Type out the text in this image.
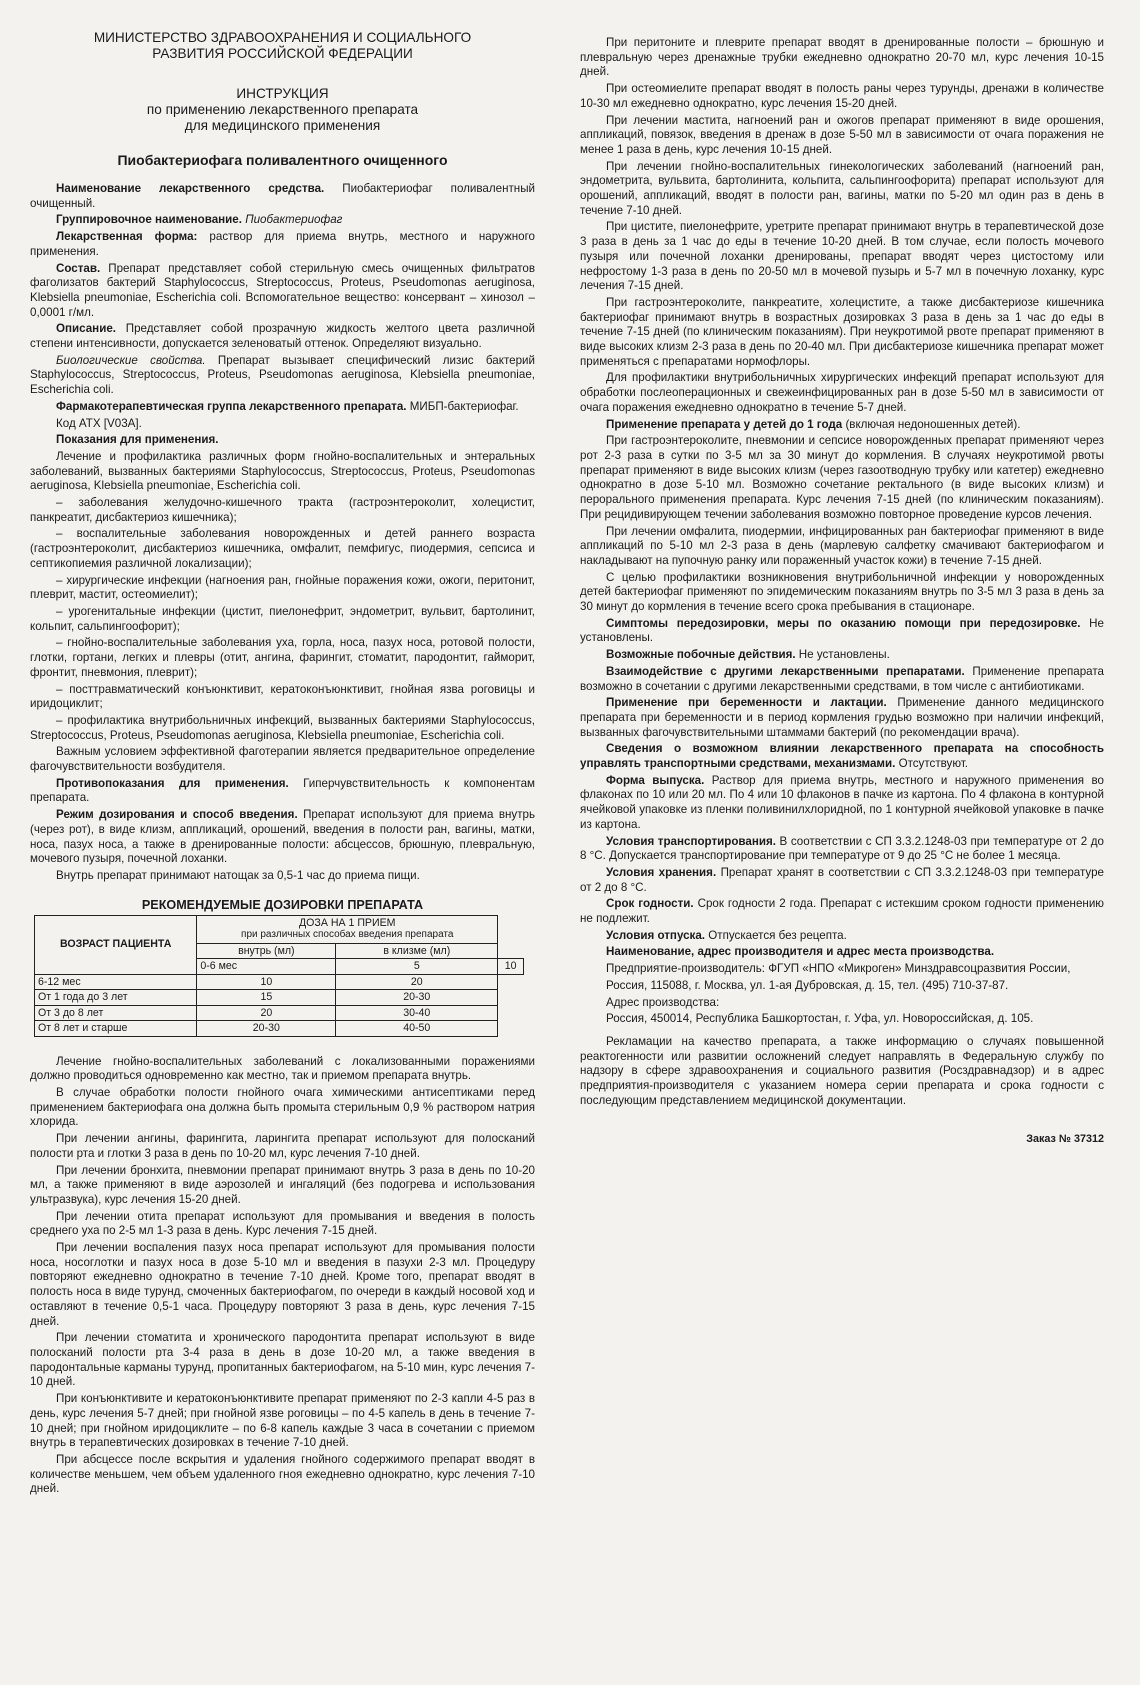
МИНИСТЕРСТВО ЗДРАВООХРАНЕНИЯ И СОЦИАЛЬНОГО

РАЗВИТИЯ РОССИЙСКОЙ ФЕДЕРАЦИИ

ИНСТРУКЦИЯ

по применению лекарственного препарата

для медицинского применения

Пиобактериофага поливалентного очищенного

Наименование лекарственного средства. Пиобактериофаг поливалентный очищенный.

Группировочное наименование. Пиобактериофаг

Лекарственная форма: раствор для приема внутрь, местного и наружного применения.

Состав. Препарат представляет собой стерильную смесь очищенных фильтратов фаголизатов бактерий Staphylococcus, Streptococcus, Proteus, Pseudomonas aeruginosa, Klebsiella pneumoniae, Escherichia coli. Вспомогательное вещество: консервант – хинозол – 0,0001 г/мл.

Описание. Представляет собой прозрачную жидкость желтого цвета различной степени интенсивности, допускается зеленоватый оттенок. Определяют визуально.

Биологические свойства. Препарат вызывает специфический лизис бактерий Staphylococcus, Streptococcus, Proteus, Pseudomonas aeruginosa, Klebsiella pneumoniae, Escherichia coli.

Фармакотерапевтическая группа лекарственного препарата. МИБП-бактериофаг.

Код АТХ [V03A].

Показания для применения.

Лечение и профилактика различных форм гнойно-воспалительных и энтеральных заболеваний, вызванных бактериями Staphylococcus, Streptococcus, Proteus, Pseudomonas aeruginosa, Klebsiella pneumoniae, Escherichia coli.

– заболевания желудочно-кишечного тракта (гастроэнтероколит, холецистит, панкреатит, дисбактериоз кишечника);

– воспалительные заболевания новорожденных и детей раннего возраста (гастроэнтероколит, дисбактериоз кишечника, омфалит, пемфигус, пиодермия, сепсиса и септикопиемия различной локализации);

– хирургические инфекции (нагноения ран, гнойные поражения кожи, ожоги, перитонит, плеврит, мастит, остеомиелит);

– урогенитальные инфекции (цистит, пиелонефрит, эндометрит, вульвит, бартолинит, кольпит, сальпингоофорит);

– гнойно-воспалительные заболевания уха, горла, носа, пазух носа, ротовой полости, глотки, гортани, легких и плевры (отит, ангина, фарингит, стоматит, пародонтит, гайморит, фронтит, пневмония, плеврит);

– посттравматический конъюнктивит, кератоконъюнктивит, гнойная язва роговицы и иридоциклит;

– профилактика внутрибольничных инфекций, вызванных бактериями Staphylococcus, Streptococcus, Proteus, Pseudomonas aeruginosa, Klebsiella pneumoniae, Escherichia coli.

Важным условием эффективной фаготерапии является предварительное определение фагочувствительности возбудителя.

Противопоказания для применения. Гиперчувствительность к компонентам препарата.

Режим дозирования и способ введения. Препарат используют для приема внутрь (через рот), в виде клизм, аппликаций, орошений, введения в полости ран, вагины, матки, носа, пазух носа, а также в дренированные полости: абсцессов, брюшную, плевральную, мочевого пузыря, почечной лоханки.

Внутрь препарат принимают натощак за 0,5-1 час до приема пищи.

РЕКОМЕНДУЕМЫЕ ДОЗИРОВКИ ПРЕПАРАТА

ВОЗРАСТ ПАЦИЕНТА	ДОЗА НА 1 ПРИЕМ
при различных способах введения препарата		

	внутрь (мл)	в клизме (мл)	
	0-6 мес	5	10
6-12 мес	10	20	
От 1 года до 3 лет	15	20-30	
От 3 до 8 лет	20	30-40	
От 8 лет и старше	20-30	40-50	

Лечение гнойно-воспалительных заболеваний с локализованными поражениями должно проводиться одновременно как местно, так и приемом препарата внутрь.

В случае обработки полости гнойного очага химическими антисептиками перед применением бактериофага она должна быть промыта стерильным 0,9 % раствором натрия хлорида.

При лечении ангины, фарингита, ларингита препарат используют для полосканий полости рта и глотки 3 раза в день по 10-20 мл, курс лечения 7-10 дней.

При лечении бронхита, пневмонии препарат принимают внутрь 3 раза в день по 10-20 мл, а также применяют в виде аэрозолей и ингаляций (без подогрева и использования ультразвука), курс лечения 15-20 дней.

При лечении отита препарат используют для промывания и введения в полость среднего уха по 2-5 мл 1-3 раза в день. Курс лечения 7-15 дней.

При лечении воспаления пазух носа препарат используют для промывания полости носа, носоглотки и пазух носа в дозе 5-10 мл и введения в пазухи 2-3 мл. Процедуру повторяют ежедневно однократно в течение 7-10 дней. Кроме того, препарат вводят в полость носа в виде турунд, смоченных бактериофагом, по очереди в каждый носовой ход и оставляют в течение 0,5-1 часа. Процедуру повторяют 3 раза в день, курс лечения 7-15 дней.

При лечении стоматита и хронического пародонтита препарат используют в виде полосканий полости рта 3-4 раза в день в дозе 10-20 мл, а также введения в пародонтальные карманы турунд, пропитанных бактериофагом, на 5-10 мин, курс лечения 7-10 дней.

При конъюнктивите и кератоконъюнктивите препарат применяют по 2-3 капли 4-5 раз в день, курс лечения 5-7 дней; при гнойной язве роговицы – по 4-5 капель в день в течение 7-10 дней; при гнойном иридоциклите – по 6-8 капель каждые 3 часа в сочетании с приемом внутрь в терапевтических дозировках в течение 7-10 дней.

При абсцессе после вскрытия и удаления гнойного содержимого препарат вводят в количестве меньшем, чем объем удаленного гноя ежедневно однократно, курс лечения 7-10 дней.

При перитоните и плеврите препарат вводят в дренированные полости – брюшную и плевральную через дренажные трубки ежедневно однократно 20-70 мл, курс лечения 10-15 дней.

При остеомиелите препарат вводят в полость раны через турунды, дренажи в количестве 10-30 мл ежедневно однократно, курс лечения 15-20 дней.

При лечении мастита, нагноений ран и ожогов препарат применяют в виде орошения, аппликаций, повязок, введения в дренаж в дозе 5-50 мл в зависимости от очага поражения не менее 1 раза в день, курс лечения 10-15 дней.

При лечении гнойно-воспалительных гинекологических заболеваний (нагноений ран, эндометрита, вульвита, бартолинита, кольпита, сальпингоофорита) препарат используют для орошений, аппликаций, вводят в полости ран, вагины, матки по 5-20 мл один раз в день в течение 7-10 дней.

При цистите, пиелонефрите, уретрите препарат принимают внутрь в терапевтической дозе 3 раза в день за 1 час до еды в течение 10-20 дней. В том случае, если полость мочевого пузыря или почечной лоханки дренированы, препарат вводят через цистостому или нефростому 1-3 раза в день по 20-50 мл в мочевой пузырь и 5-7 мл в почечную лоханку, курс лечения 7-15 дней.

При гастроэнтероколите, панкреатите, холецистите, а также дисбактериозе кишечника бактериофаг принимают внутрь в возрастных дозировках 3 раза в день за 1 час до еды в течение 7-15 дней (по клиническим показаниям). При неукротимой рвоте препарат применяют в виде высоких клизм 2-3 раза в день по 20-40 мл. При дисбактериозе кишечника препарат может применяться с препаратами нормофлоры.

Для профилактики внутрибольничных хирургических инфекций препарат используют для обработки послеоперационных и свежеинфицированных ран в дозе 5-50 мл в зависимости от очага поражения ежедневно однократно в течение 5-7 дней.

Применение препарата у детей до 1 года (включая недоношенных детей).

При гастроэнтероколите, пневмонии и сепсисе новорожденных препарат применяют через рот 2-3 раза в сутки по 3-5 мл за 30 минут до кормления. В случаях неукротимой рвоты препарат применяют в виде высоких клизм (через газоотводную трубку или катетер) ежедневно однократно в дозе 5-10 мл. Возможно сочетание ректального (в виде высоких клизм) и перорального применения препарата. Курс лечения 7-15 дней (по клиническим показаниям). При рецидивирующем течении заболевания возможно повторное проведение курсов лечения.

При лечении омфалита, пиодермии, инфицированных ран бактериофаг применяют в виде аппликаций по 5-10 мл 2-3 раза в день (марлевую салфетку смачивают бактериофагом и накладывают на пупочную ранку или пораженный участок кожи) в течение 7-15 дней.

С целью профилактики возникновения внутрибольничной инфекции у новорожденных детей бактериофаг применяют по эпидемическим показаниям внутрь по 3-5 мл 3 раза в день за 30 минут до кормления в течение всего срока пребывания в стационаре.

Симптомы передозировки, меры по оказанию помощи при передозировке. Не установлены.

Возможные побочные действия. Не установлены.

Взаимодействие с другими лекарственными препаратами. Применение препарата возможно в сочетании с другими лекарственными средствами, в том числе с антибиотиками.

Применение при беременности и лактации. Применение данного медицинского препарата при беременности и в период кормления грудью возможно при наличии инфекций, вызванных фагочувствительными штаммами бактерий (по рекомендации врача).

Сведения о возможном влиянии лекарственного препарата на способность управлять транспортными средствами, механизмами. Отсутствуют.

Форма выпуска. Раствор для приема внутрь, местного и наружного применения во флаконах по 10 или 20 мл. По 4 или 10 флаконов в пачке из картона. По 4 флакона в контурной ячейковой упаковке из пленки поливинилхлоридной, по 1 контурной ячейковой упаковке в пачке из картона.

Условия транспортирования. В соответствии с СП 3.3.2.1248-03 при температуре от 2 до 8 °С. Допускается транспортирование при температуре от 9 до 25 °С не более 1 месяца.

Условия хранения. Препарат хранят в соответствии с СП 3.3.2.1248-03 при температуре от 2 до 8 °С.

Срок годности. Срок годности 2 года. Препарат с истекшим сроком годности применению не подлежит.

Условия отпуска. Отпускается без рецепта.

Наименование, адрес производителя и адрес места производства.

Предприятие-производитель: ФГУП «НПО «Микроген» Минздравсоцразвития России,

Россия, 115088, г. Москва, ул. 1-ая Дубровская, д. 15, тел. (495) 710-37-87.

Адрес производства:

Россия, 450014, Республика Башкортостан, г. Уфа, ул. Новороссийская, д. 105.

Рекламации на качество препарата, а также информацию о случаях повышенной реактогенности или развитии осложнений следует направлять в Федеральную службу по надзору в сфере здравоохранения и социального развития (Росздравнадзор) и в адрес предприятия-производителя с указанием номера серии препарата и срока годности с последующим представлением медицинской документации.

Заказ № 37312
